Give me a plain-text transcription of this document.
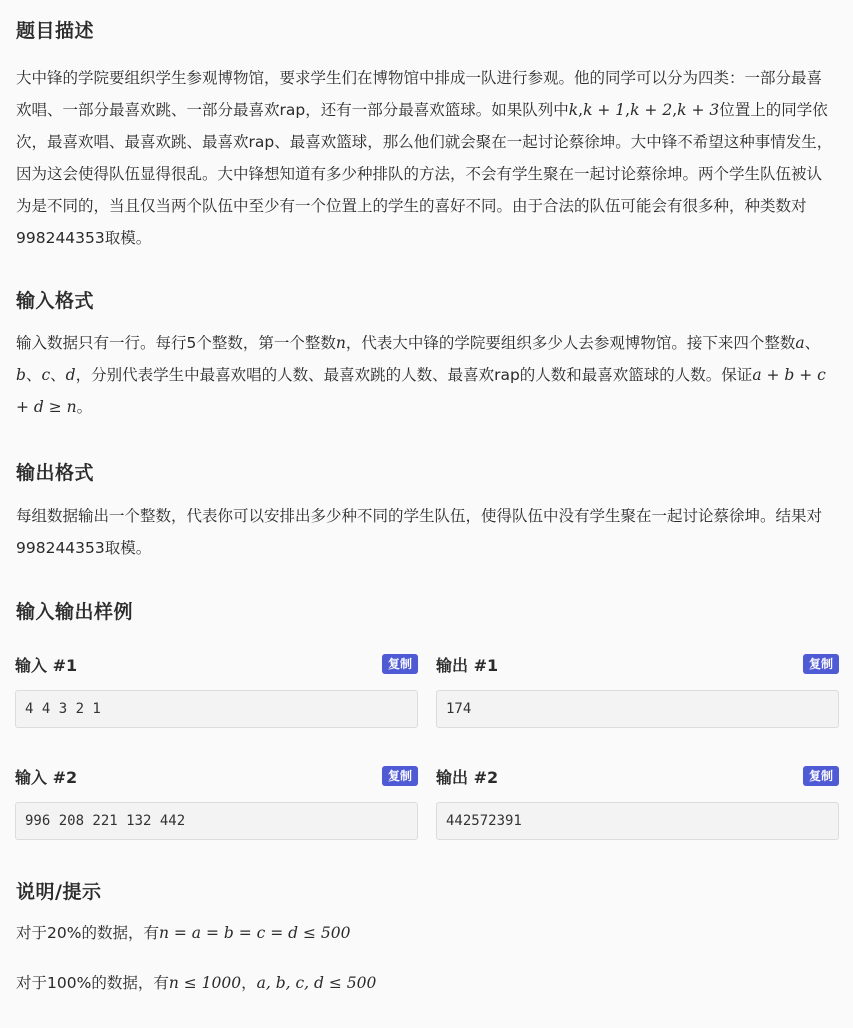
题目描述

大中锋的学院要组织学生参观博物馆，要求学生们在博物馆中排成一队进行参观。他的同学可以分为四类：一部分最喜欢唱、一部分最喜欢跳、一部分最喜欢rap，还有一部分最喜欢篮球。如果队列中k,k + 1,k + 2,k + 3位置上的同学依次，最喜欢唱、最喜欢跳、最喜欢rap、最喜欢篮球，那么他们就会聚在一起讨论蔡徐坤。大中锋不希望这种事情发生，因为这会使得队伍显得很乱。大中锋想知道有多少种排队的方法，不会有学生聚在一起讨论蔡徐坤。两个学生队伍被认为是不同的，当且仅当两个队伍中至少有一个位置上的学生的喜好不同。由于合法的队伍可能会有很多种，种类数对998244353取模。

输入格式

输入数据只有一行。每行5个整数，第一个整数n，代表大中锋的学院要组织多少人去参观博物馆。接下来四个整数a、b、c、d，分别代表学生中最喜欢唱的人数、最喜欢跳的人数、最喜欢rap的人数和最喜欢篮球的人数。保证a + b + c + d ≥ n。

输出格式

每组数据输出一个整数，代表你可以安排出多少种不同的学生队伍，使得队伍中没有学生聚在一起讨论蔡徐坤。结果对998244353取模。

输入输出样例
输入 #1	复制
4 4 3 2 1
输出 #1	复制
174
输入 #2	复制
996 208 221 132 442
输出 #2	复制
442572391
说明/提示

对于20%的数据，有n = a = b = c = d ≤ 500

对于100%的数据，有n ≤ 1000，a, b, c, d ≤ 500
